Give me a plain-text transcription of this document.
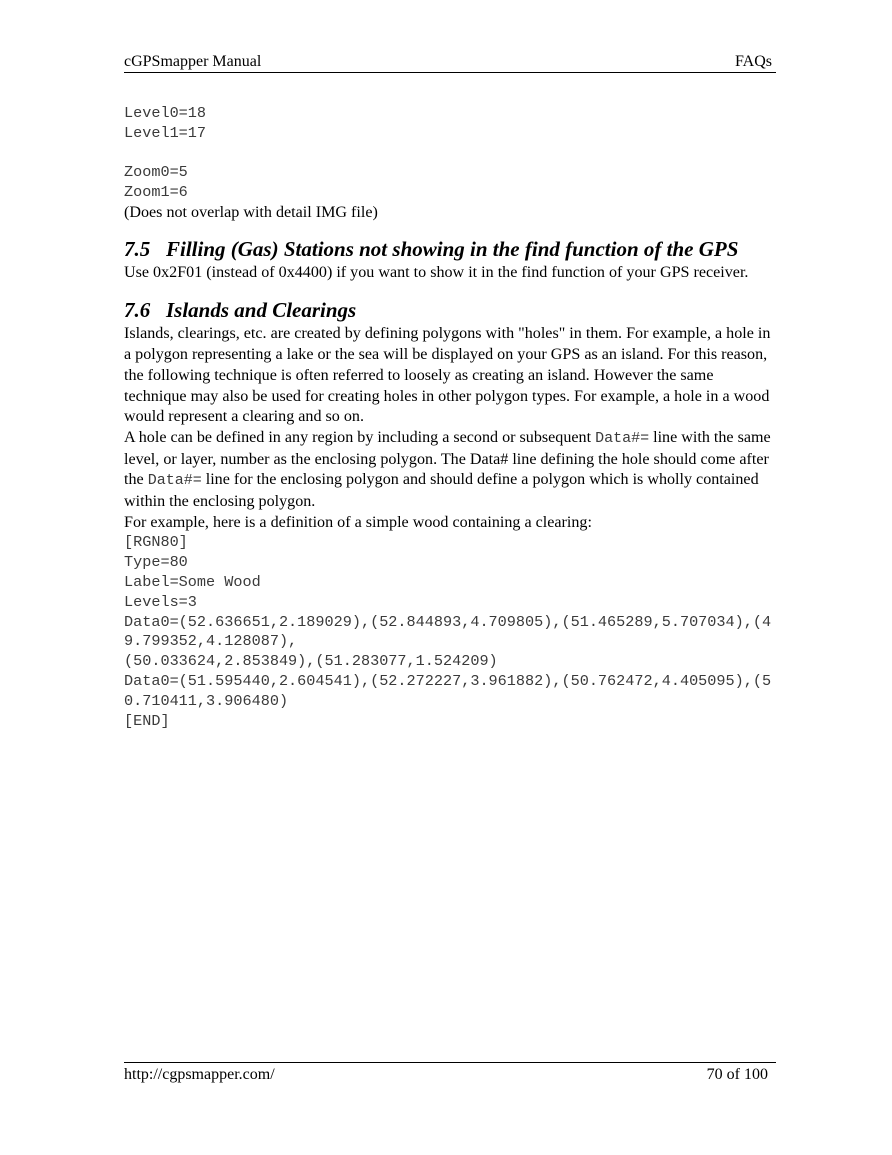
cGPSmapper Manual	FAQs
Level0=18
Level1=17
Zoom0=5
Zoom1=6
(Does not overlap with detail IMG file)
7.5 Filling (Gas) Stations not showing in the find function of the GPS
Use 0x2F01 (instead of 0x4400) if you want to show it in the find function of your GPS receiver.
7.6 Islands and Clearings
Islands, clearings, etc. are created by defining polygons with "holes" in them. For example, a hole in a polygon representing a lake or the sea will be displayed on your GPS as an island. For this reason, the following technique is often referred to loosely as creating an island. However the same technique may also be used for creating holes in other polygon types. For example, a hole in a wood would represent a clearing and so on.
A hole can be defined in any region by including a second or subsequent Data#= line with the same level, or layer, number as the enclosing polygon. The Data# line defining the hole should come after the Data#= line for the enclosing polygon and should define a polygon which is wholly contained within the enclosing polygon.
For example, here is a definition of a simple wood containing a clearing:
[RGN80]
Type=80
Label=Some Wood
Levels=3
Data0=(52.636651,2.189029),(52.844893,4.709805),(51.465289,5.707034),(49.799352,4.128087),
(50.033624,2.853849),(51.283077,1.524209)
Data0=(51.595440,2.604541),(52.272227,3.961882),(50.762472,4.405095),(50.710411,3.906480)
[END]
http://cgpsmapper.com/	70 of 100
